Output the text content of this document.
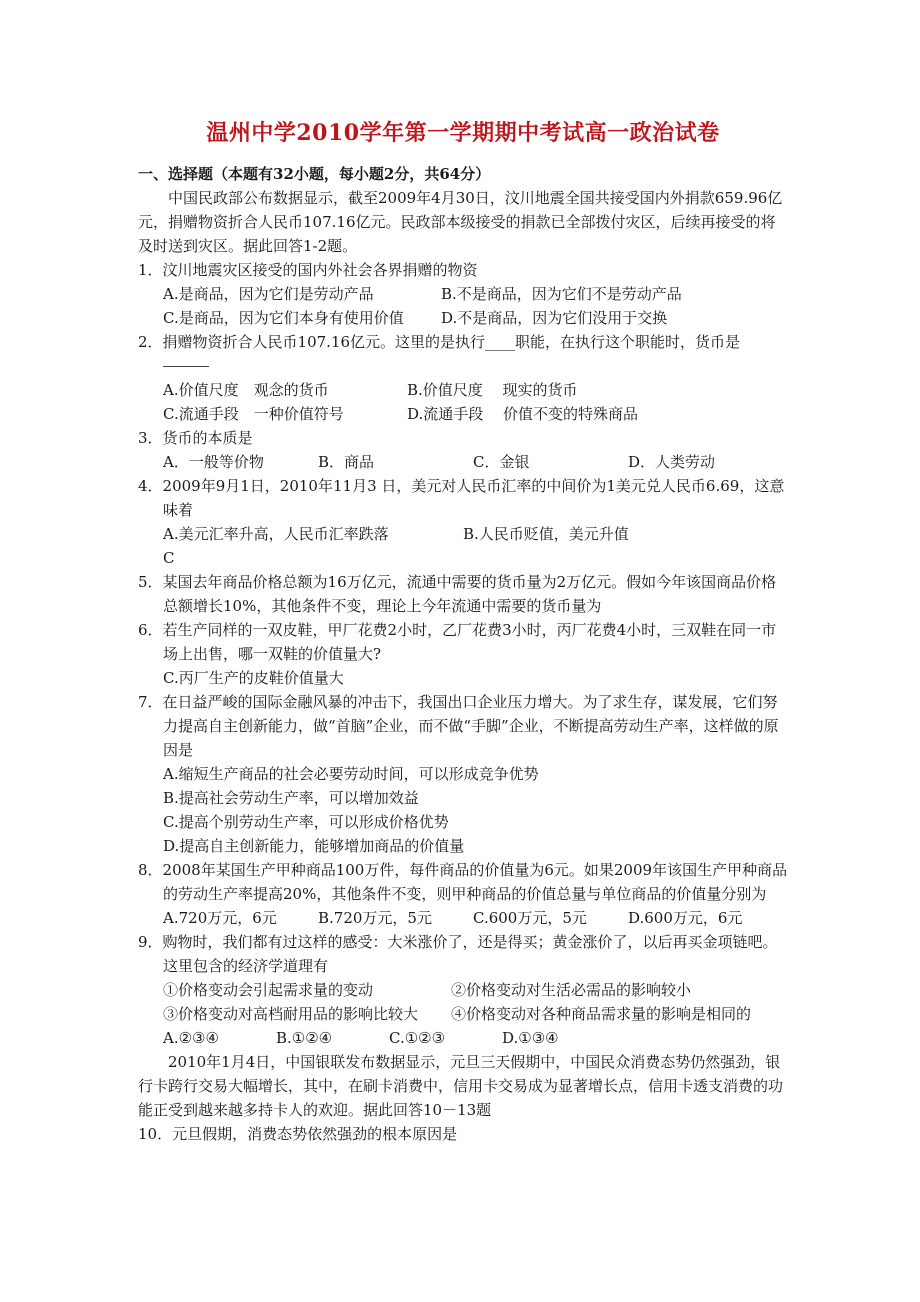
温州中学2010学年第一学期期中考试高一政治试卷

一、选择题（本题有32小题，每小题2分，共64分）

中国民政部公布数据显示，截至2009年4月30日，汶川地震全国共接受国内外捐款659.96亿元，捐赠物资折合人民币107.16亿元。民政部本级接受的捐款已全部拨付灾区，后续再接受的将及时送到灾区。据此回答1-2题。

1．汶川地震灾区接受的国内外社会各界捐赠的物资

A.是商品，因为它们是劳动产品	B.不是商品，因为它们不是劳动产品

C.是商品，因为它们本身有使用价值 D.不是商品，因为它们没用于交换

2．捐赠物资折合人民币107.16亿元。这里的是执行____职能，在执行这个职能时，货币是

A.价值尺度　观念的货币	B.价值尺度　 现实的货币

C.流通手段　一种价值符号	D.流通手段　 价值不变的特殊商品

3．货币的本质是

A．一般等价物	B．商品	C．金银	D．人类劳动

4．2009年9月1日，2010年11月3 日，美元对人民币汇率的中间价为1美元兑人民币6.69，这意味着

A.美元汇率升高，人民币汇率跌落	B.人民币贬值，美元升值

C

5．某国去年商品价格总额为16万亿元，流通中需要的货币量为2万亿元。假如今年该国商品价格总额增长10%，其他条件不变，理论上今年流通中需要的货币量为

6．若生产同样的一双皮鞋，甲厂花费2小时，乙厂花费3小时，丙厂花费4小时，三双鞋在同一市场上出售，哪一双鞋的价值量大?

C.丙厂生产的皮鞋价值量大

7．在日益严峻的国际金融风暴的冲击下，我国出口企业压力增大。为了求生存，谋发展，它们努力提高自主创新能力，做“首脑”企业，而不做“手脚”企业，不断提高劳动生产率，这样做的原因是

A.缩短生产商品的社会必要劳动时间，可以形成竞争优势

B.提高社会劳动生产率，可以增加效益

C.提高个别劳动生产率，可以形成价格优势

D.提高自主创新能力，能够增加商品的价值量

8．2008年某国生产甲种商品100万件，每件商品的价值量为6元。如果2009年该国生产甲种商品的劳动生产率提高20%，其他条件不变，则甲种商品的价值总量与单位商品的价值量分别为

A.720万元，6元	B.720万元，5元	C.600万元，5元	D.600万元，6元

9．购物时，我们都有过这样的感受：大米涨价了，还是得买；黄金涨价了，以后再买金项链吧。这里包含的经济学道理有

①价格变动会引起需求量的变动	②价格变动对生活必需品的影响较小

③价格变动对高档耐用品的影响比较大 ④价格变动对各种商品需求量的影响是相同的

A.②③④	B.①②④	C.①②③	D.①③④

2010年1月4日，中国银联发布数据显示，元旦三天假期中，中国民众消费态势仍然强劲，银行卡跨行交易大幅增长，其中，在刷卡消费中，信用卡交易成为显著增长点，信用卡透支消费的功能正受到越来越多持卡人的欢迎。据此回答10－13题

10．元旦假期，消费态势依然强劲的根本原因是
